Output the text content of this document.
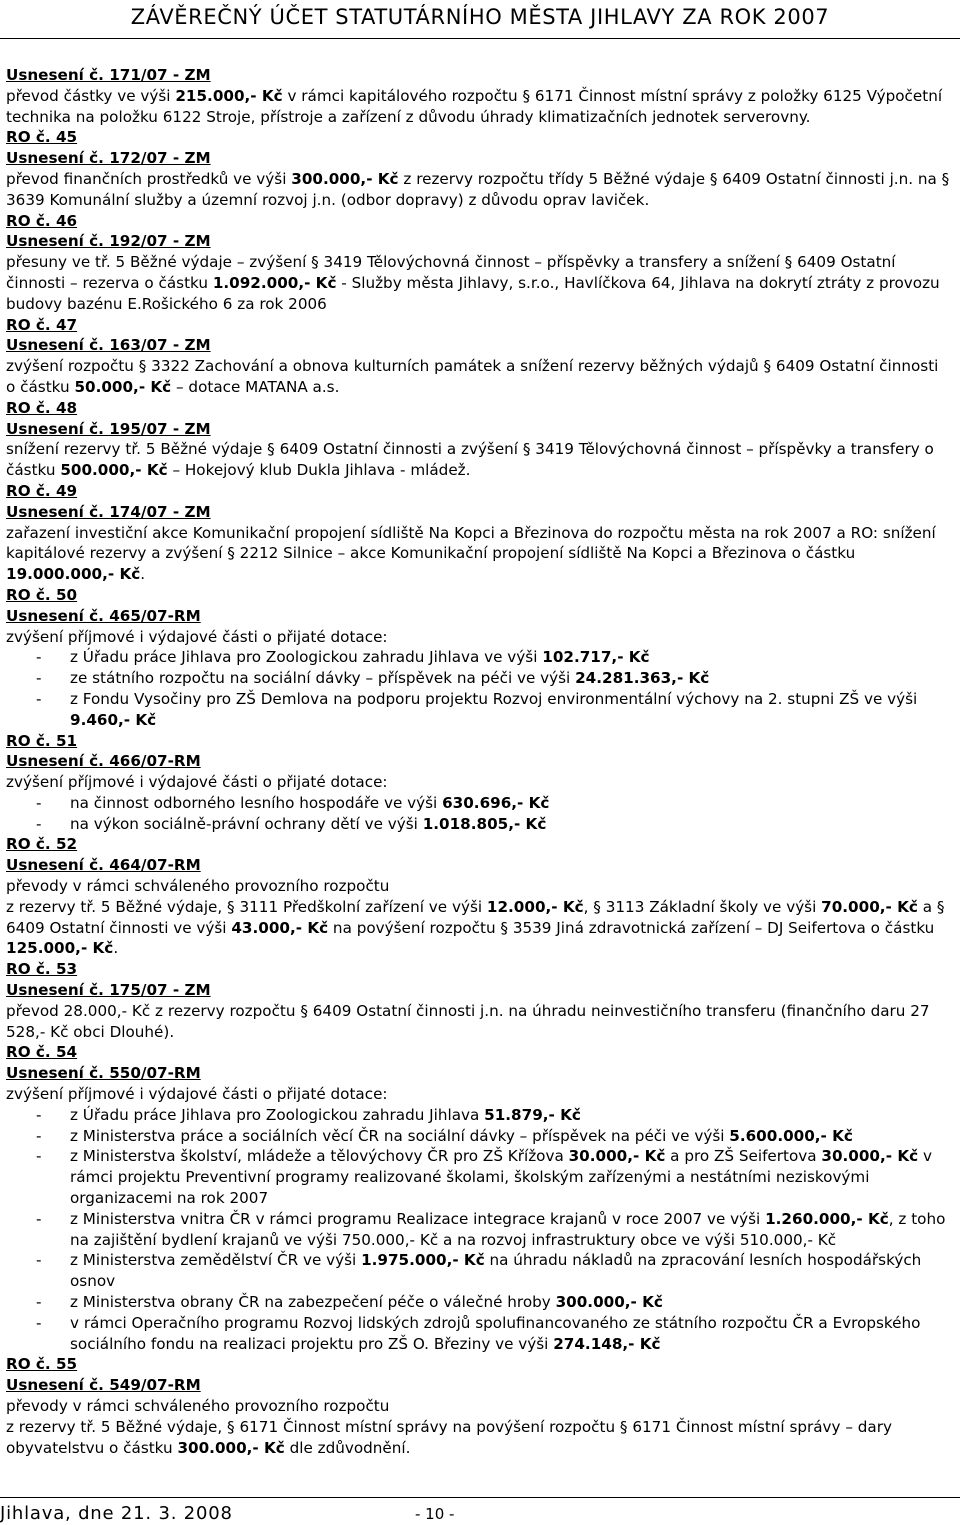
ZÁVĚREČNÝ ÚČET STATUTÁRNÍHO MĚSTA JIHLAVY ZA ROK 2007
Usnesení č. 171/07 - ZM

převod částky ve výši 215.000,- Kč v rámci kapitálového rozpočtu § 6171 Činnost místní správy z položky 6125 Výpočetní technika na položku 6122 Stroje, přístroje a zařízení z důvodu úhrady klimatizačních jednotek serverovny.

RO č. 45
Usnesení č. 172/07 - ZM

převod finančních prostředků ve výši 300.000,- Kč z rezervy rozpočtu třídy 5 Běžné výdaje § 6409 Ostatní činnosti j.n. na § 3639 Komunální služby a územní rozvoj j.n. (odbor dopravy) z důvodu oprav laviček.

RO č. 46
Usnesení č. 192/07 - ZM

přesuny ve tř. 5 Běžné výdaje – zvýšení § 3419 Tělovýchovná činnost – příspěvky a transfery a snížení § 6409 Ostatní činnosti – rezerva o částku 1.092.000,- Kč - Služby města Jihlavy, s.r.o., Havlíčkova 64, Jihlava na dokrytí ztráty z provozu budovy bazénu E.Rošického 6 za rok 2006

RO č. 47
Usnesení č. 163/07 - ZM

zvýšení rozpočtu § 3322 Zachování a obnova kulturních památek a snížení rezervy běžných výdajů § 6409 Ostatní činnosti o částku 50.000,- Kč – dotace MATANA a.s.

RO č. 48
Usnesení č. 195/07 - ZM

snížení rezervy tř. 5 Běžné výdaje § 6409 Ostatní činnosti a zvýšení § 3419 Tělovýchovná činnost – příspěvky a transfery o částku 500.000,- Kč – Hokejový klub Dukla Jihlava - mládež.

RO č. 49
Usnesení č. 174/07 - ZM

zařazení investiční akce Komunikační propojení sídliště Na Kopci a Březinova do rozpočtu města na rok 2007 a RO: snížení kapitálové rezervy a zvýšení § 2212 Silnice – akce Komunikační propojení sídliště Na Kopci a Březinova o částku 19.000.000,- Kč.

RO č. 50
Usnesení č. 465/07-RM
zvýšení příjmové i výdajové části o přijaté dotace:
- z Úřadu práce Jihlava pro Zoologickou zahradu Jihlava ve výši 102.717,- Kč
- ze státního rozpočtu na sociální dávky – příspěvek na péči ve výši 24.281.363,- Kč
- z Fondu Vysočiny pro ZŠ Demlova na podporu projektu Rozvoj environmentální výchovy na 2. stupni ZŠ ve výši 9.460,- Kč
RO č. 51
Usnesení č. 466/07-RM
zvýšení příjmové i výdajové části o přijaté dotace:
- na činnost odborného lesního hospodáře ve výši 630.696,- Kč
- na výkon sociálně-právní ochrany dětí ve výši 1.018.805,- Kč
RO č. 52
Usnesení č. 464/07-RM
převody v rámci schváleného provozního rozpočtu

z rezervy tř. 5 Běžné výdaje, § 3111 Předškolní zařízení ve výši 12.000,- Kč, § 3113 Základní školy ve výši 70.000,- Kč a § 6409 Ostatní činnosti ve výši 43.000,- Kč na povýšení rozpočtu § 3539 Jiná zdravotnická zařízení – DJ Seifertova o částku 125.000,- Kč.

RO č. 53
Usnesení č. 175/07 - ZM

převod 28.000,- Kč z rezervy rozpočtu § 6409 Ostatní činnosti j.n. na úhradu neinvestičního transferu (finančního daru 27 528,- Kč obci Dlouhé).

RO č. 54
Usnesení č. 550/07-RM
zvýšení příjmové i výdajové části o přijaté dotace:
- z Úřadu práce Jihlava pro Zoologickou zahradu Jihlava 51.879,- Kč
- z Ministerstva práce a sociálních věcí ČR na sociální dávky – příspěvek na péči ve výši 5.600.000,- Kč
- z Ministerstva školství, mládeže a tělovýchovy ČR pro ZŠ Křížova 30.000,- Kč a pro ZŠ Seifertova 30.000,- Kč v rámci projektu Preventivní programy realizované školami, školským zařízenými a nestátními neziskovými organizacemi na rok 2007
- z Ministerstva vnitra ČR v rámci programu Realizace integrace krajanů v roce 2007 ve výši 1.260.000,- Kč, z toho na zajištění bydlení krajanů ve výši 750.000,- Kč a na rozvoj infrastruktury obce ve výši 510.000,- Kč
- z Ministerstva zemědělství ČR ve výši 1.975.000,- Kč na úhradu nákladů na zpracování lesních hospodářských osnov
- z Ministerstva obrany ČR na zabezpečení péče o válečné hroby 300.000,- Kč
- v rámci Operačního programu Rozvoj lidských zdrojů spolufinancovaného ze státního rozpočtu ČR a Evropského sociálního fondu na realizaci projektu pro ZŠ O. Březiny ve výši 274.148,- Kč
RO č. 55
Usnesení č. 549/07-RM
převody v rámci schváleného provozního rozpočtu

z rezervy tř. 5 Běžné výdaje, § 6171 Činnost místní správy na povýšení rozpočtu § 6171 Činnost místní správy – dary obyvatelstvu o částku 300.000,- Kč dle zdůvodnění.

Jihlava, dne 21. 3. 2008	- 10 -
